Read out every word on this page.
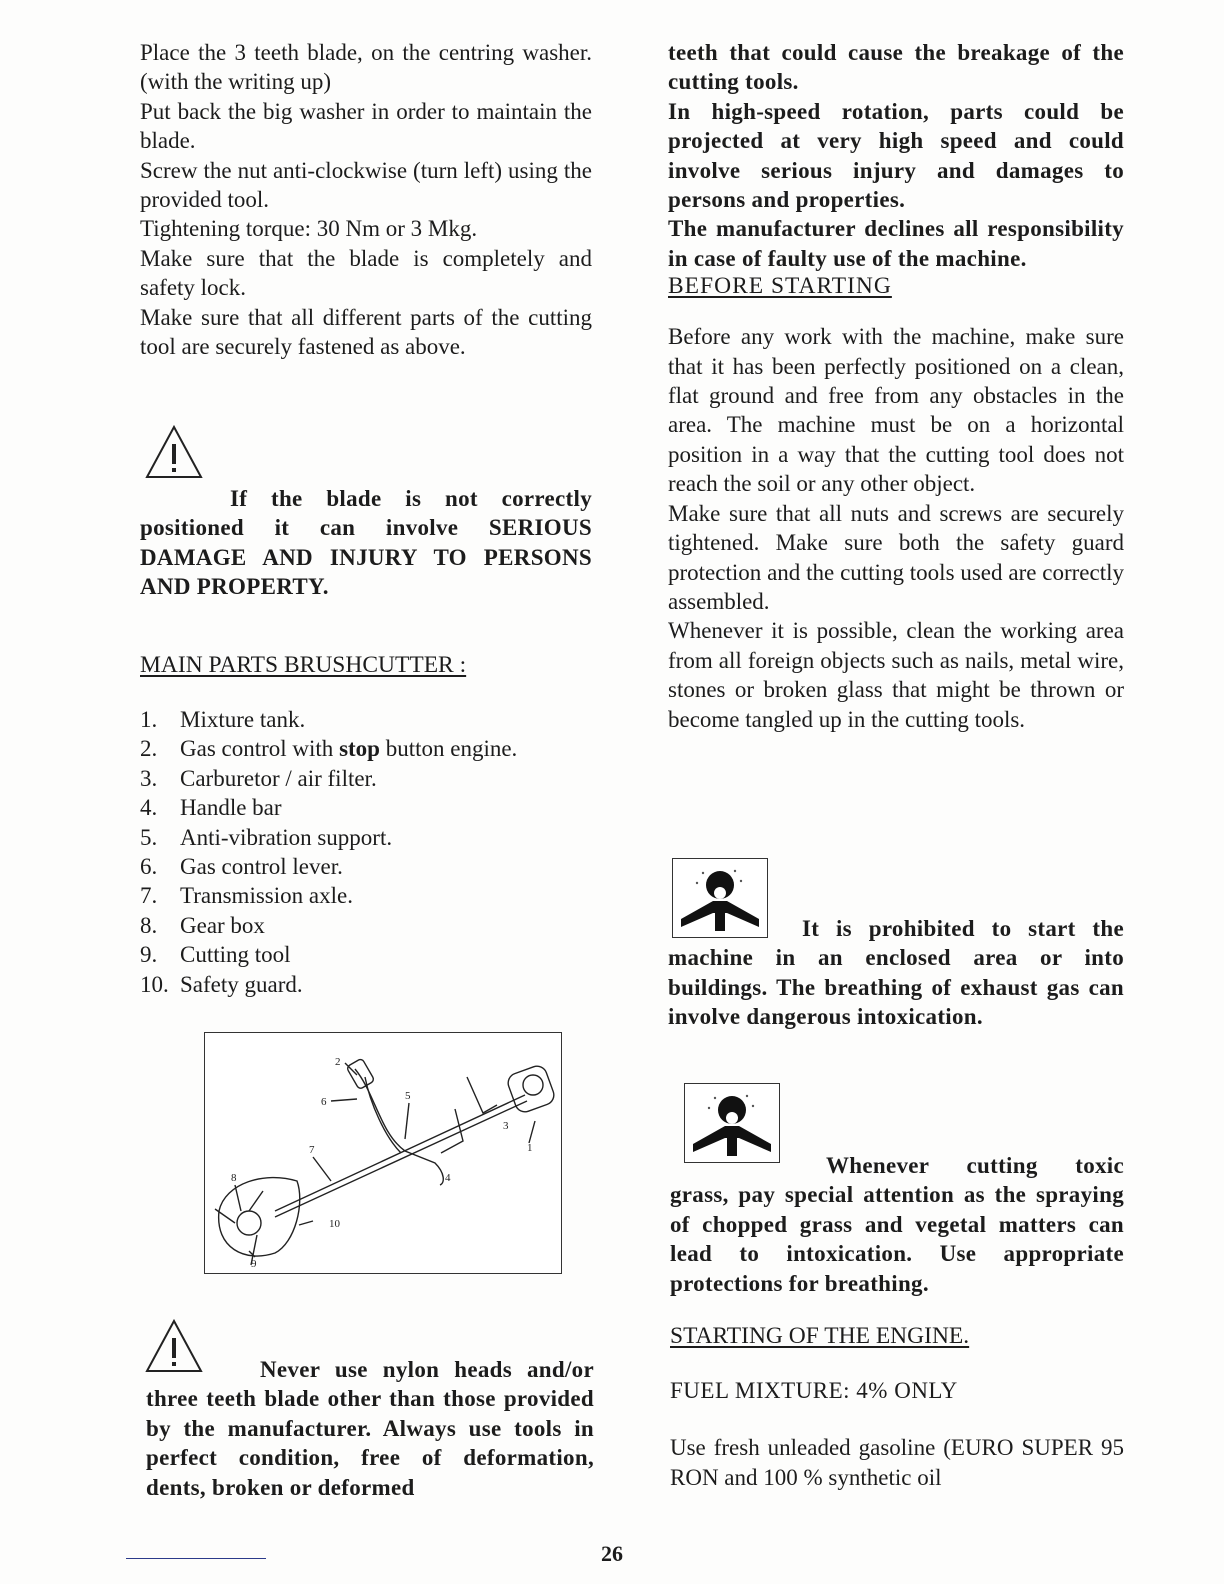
Place the 3 teeth blade, on the centring washer. (with the writing up)

Put back the big washer in order to maintain the blade.

Screw the nut anti-clockwise (turn left) using the provided tool.

Tightening torque: 30 Nm or 3 Mkg.

Make sure that the blade is completely and safety lock.

Make sure that all different parts of the cutting tool are securely fastened as above.

If the blade is not correctly positioned it can involve SERIOUS DAMAGE AND INJURY TO PERSONS AND PROPERTY.

MAIN PARTS BRUSHCUTTER :

1. Mixture tank.
2. Gas control with stop button engine.
3. Carburetor / air filter.
4. Handle bar
5. Anti-vibration support.
6. Gas control lever.
7. Transmission axle.
8. Gear box
9. Cutting tool
10. Safety guard.
2
6	5
3
1
7
4
8
10
9

Never use nylon heads and/or three teeth blade other than those provided by the manufacturer. Always use tools in perfect condition, free of deformation, dents, broken or deformed

teeth that could cause the breakage of the cutting tools.

In high-speed rotation, parts could be projected at very high speed and could involve serious injury and damages to persons and properties.

The manufacturer declines all responsibility in case of faulty use of the machine.

BEFORE STARTING

Before any work with the machine, make sure that it has been perfectly positioned on a clean, flat ground and free from any obstacles in the area. The machine must be on a horizontal position in a way that the cutting tool does not reach the soil or any other object.

Make sure that all nuts and screws are securely tightened. Make sure both the safety guard protection and the cutting tools used are correctly assembled.

Whenever it is possible, clean the working area from all foreign objects such as nails, metal wire, stones or broken glass that might be thrown or become tangled up in the cutting tools.

It is prohibited to start the machine in an enclosed area or into buildings. The breathing of exhaust gas can involve dangerous intoxication.

Whenever cutting toxic grass, pay special attention as the spraying of chopped grass and vegetal matters can lead to intoxication. Use appropriate protections for breathing.

STARTING OF THE ENGINE.

FUEL MIXTURE: 4% ONLY

Use fresh unleaded gasoline (EURO SUPER 95 RON and 100 % synthetic oil

26
